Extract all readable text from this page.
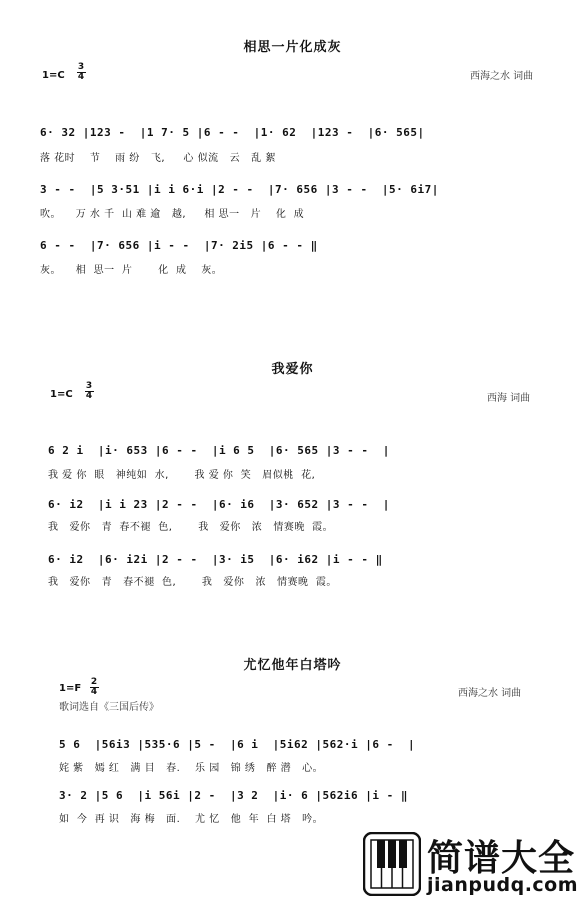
相思一片化成灰
1=C
3
4	西海之水 词曲
6· 32 |123 -  |1 7· 5 |6 - -  |1· 62  |123 -  |6· 565|
落 花时    节    雨 纷   飞,     心 似流   云   乱 絮
3 - -  |5 3·51 |i i 6·i |2 - -  |7· 656 |3 - -  |5· 6i7|
吹。    万 水 千  山 难 逾   越,     相 思一   片    化  成
6 - -  |7· 656 |i - -  |7· 2i5 |6 - - ‖
灰。    相  思一  片       化  成    灰。
我爱你
1=C
3
4	西海 词曲
6 2 i  |i· 653 |6 - -  |i 6 5  |6· 565 |3 - -  |
我 爱 你  眼   神纯如  水,       我 爱 你  笑   眉似桃  花,
6· i2  |i i 23 |2 - -  |6· i6  |3· 652 |3 - -  |
我   爱你   青  春不褪  色,       我   爱你   浓   情赛晚  霞。
6· i2  |6· i2i |2 - -  |3· i5  |6· i62 |i - - ‖
我   爱你   青   春不褪  色,       我   爱你   浓   情赛晚  霞。
尤忆他年白塔吟
1=F
2
4	西海之水 词曲
歌词选自《三国后传》
5 6  |56i3 |535·6 |5 -  |6 i  |5i62 |562·i |6 -  |
姹 紫   嫣 红   满 目   春.    乐 园   锦 绣   醉 潜   心。
3· 2 |5 6  |i 56i |2 -  |3 2  |i· 6 |562i6 |i - ‖
如  今  再 识   海 梅   面.    尤 忆   他  年  白 塔   吟。
简谱大全
jianpudq.com
